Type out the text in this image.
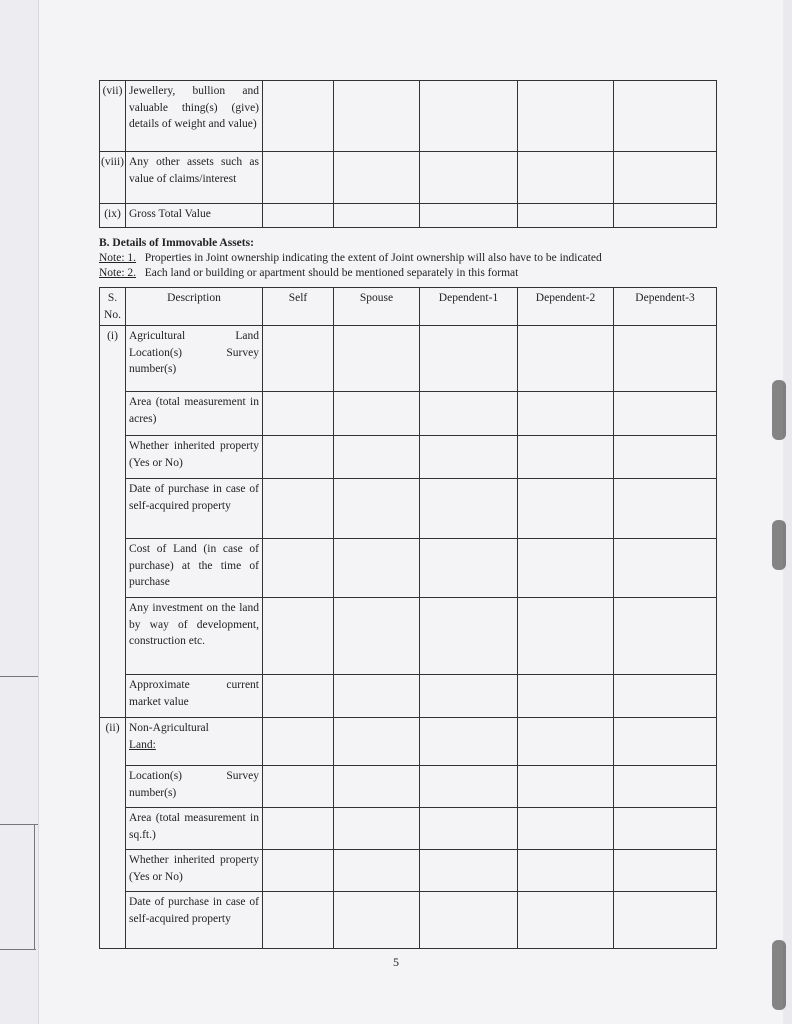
(vii)	Jewellery, bullion and valuable thing(s) (give) details of weight and value)					
(viii)	Any other assets such as value of claims/interest					
(ix)	Gross Total Value					
B. Details of Immovable Assets:
Note: 1. Properties in Joint ownership indicating the extent of Joint ownership will also have to be indicated
Note: 2. Each land or building or apartment should be mentioned separately in this format
S. No.	Description	Self	Spouse	Dependent-1	Dependent-2	Dependent-3
(i)	Agricultural Land Location(s) Survey number(s)					
	Area (total measurement in acres)					
	Whether inherited property (Yes or No)					
	Date of purchase in case of self-acquired property					
	Cost of Land (in case of purchase) at the time of purchase					
	Any investment on the land by way of development, construction etc.					
	Approximate current market value					
(ii)	Non-Agricultural
Land:					

	Location(s) Survey number(s)					
	Area (total measurement in sq.ft.)					
	Whether inherited property (Yes or No)					
	Date of purchase in case of self-acquired property					
5
